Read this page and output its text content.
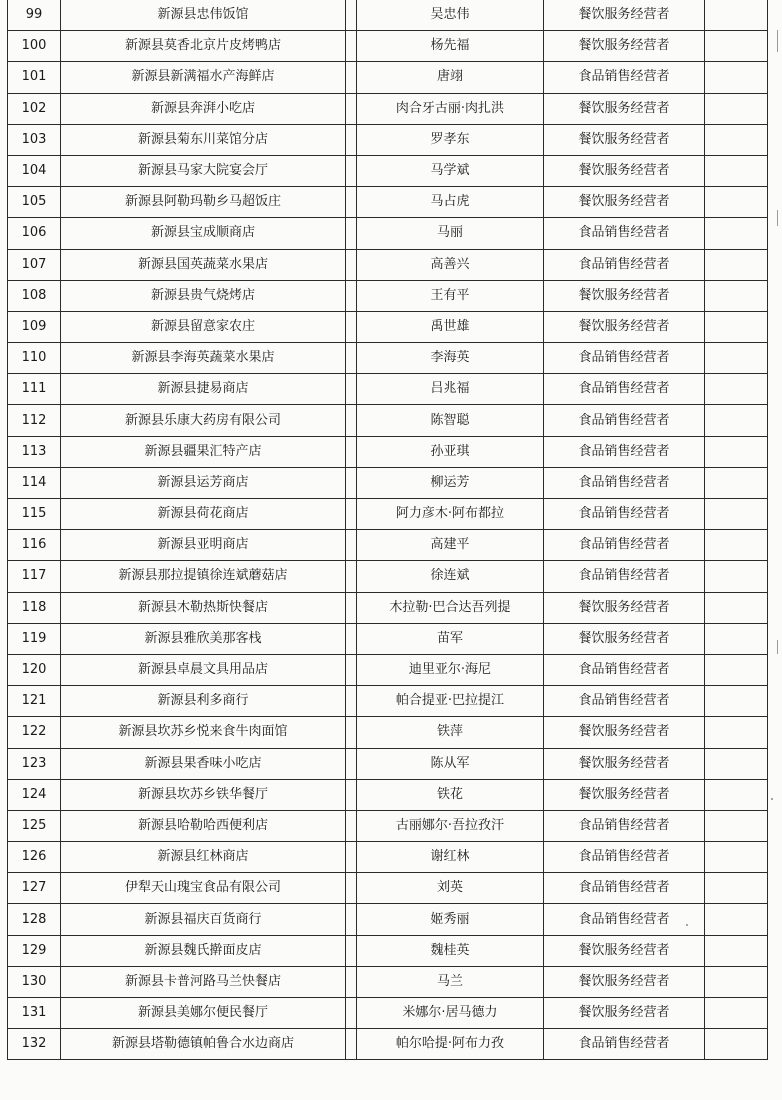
99	新源县忠伟饭馆		吴忠伟	餐饮服务经营者	
100	新源县莫香北京片皮烤鸭店		杨先福	餐饮服务经营者	
101	新源县新满福水产海鲜店		唐翊	食品销售经营者	
102	新源县奔湃小吃店		肉合牙古丽·肉扎洪	餐饮服务经营者	
103	新源县菊东川菜馆分店		罗孝东	餐饮服务经营者	
104	新源县马家大院宴会厅		马学斌	餐饮服务经营者	
105	新源县阿勒玛勒乡马超饭庄		马占虎	餐饮服务经营者	
106	新源县宝成顺商店		马丽	食品销售经营者	
107	新源县国英蔬菜水果店		高善兴	食品销售经营者	
108	新源县贵气烧烤店		王有平	餐饮服务经营者	
109	新源县留意家农庄		禹世雄	餐饮服务经营者	
110	新源县李海英蔬菜水果店		李海英	食品销售经营者	
111	新源县捷易商店		吕兆福	食品销售经营者	
112	新源县乐康大药房有限公司		陈智聪	食品销售经营者	
113	新源县疆果汇特产店		孙亚琪	食品销售经营者	
114	新源县运芳商店		柳运芳	食品销售经营者	
115	新源县荷花商店		阿力彦木·阿布都拉	食品销售经营者	
116	新源县亚明商店		高建平	食品销售经营者	
117	新源县那拉提镇徐连斌蘑菇店		徐连斌	食品销售经营者	
118	新源县木勒热斯快餐店		木拉勒·巴合达吾列提	餐饮服务经营者	
119	新源县雅欣美那客栈		苗军	餐饮服务经营者	
120	新源县卓晨文具用品店		迪里亚尔·海尼	食品销售经营者	
121	新源县利多商行		帕合提亚·巴拉提江	食品销售经营者	
122	新源县坎苏乡悦来食牛肉面馆		铁萍	餐饮服务经营者	
123	新源县果香味小吃店		陈从军	餐饮服务经营者	
124	新源县坎苏乡铁华餐厅		铁花	餐饮服务经营者	
125	新源县哈勒哈西便利店		古丽娜尔·吾拉孜汗	食品销售经营者	
126	新源县红林商店		谢红林	食品销售经营者	
127	伊犁天山瑰宝食品有限公司		刘英	食品销售经营者	
128	新源县福庆百货商行		姬秀丽	食品销售经营者	
129	新源县魏氏擀面皮店		魏桂英	餐饮服务经营者	
130	新源县卡普河路马兰快餐店		马兰	餐饮服务经营者	
131	新源县美娜尔便民餐厅		米娜尔·居马德力	餐饮服务经营者	
132	新源县塔勒德镇帕鲁合水边商店		帕尔哈提·阿布力孜	食品销售经营者	
